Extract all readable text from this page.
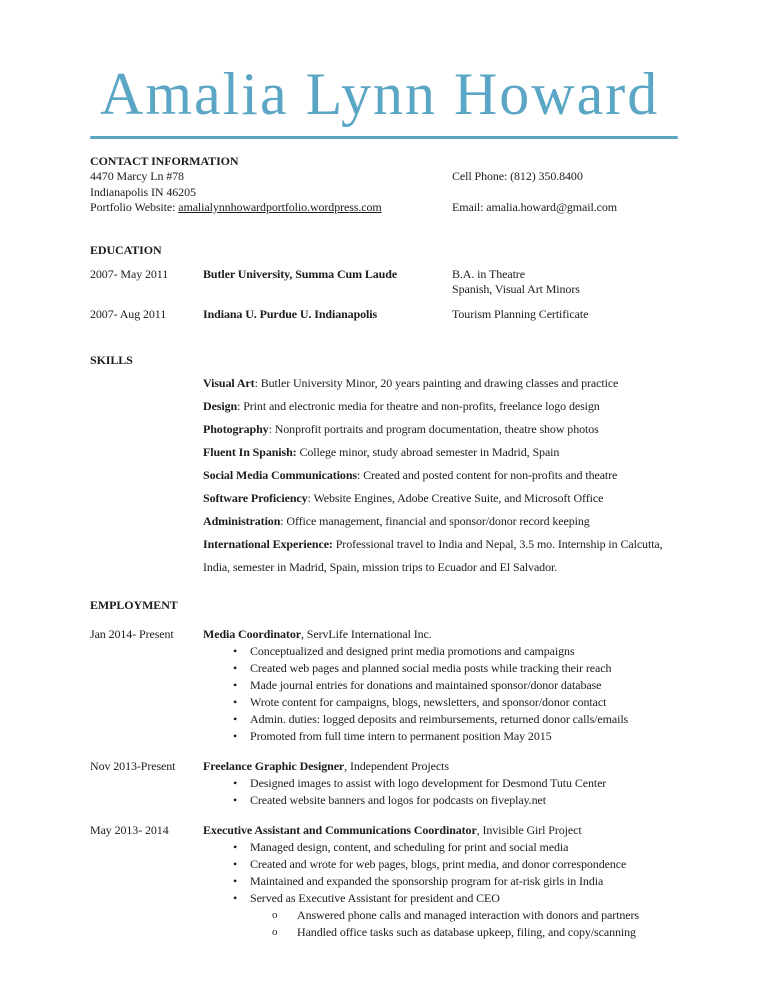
Amalia Lynn Howard
CONTACT INFORMATION
4470 Marcy Ln #78
Indianapolis IN 46205
Portfolio Website: amalialynnhowardportfolio.wordpress.com
Cell Phone: (812) 350.8400

Email: amalia.howard@gmail.com
EDUCATION
2007- May 2011	Butler University, Summa Cum Laude	B.A. in Theatre
Spanish, Visual Art Minors
2007- Aug 2011	Indiana U. Purdue U. Indianapolis	Tourism Planning Certificate
SKILLS
Visual Art: Butler University Minor, 20 years painting and drawing classes and practice
Design: Print and electronic media for theatre and non-profits, freelance logo design
Photography: Nonprofit portraits and program documentation, theatre show photos
Fluent In Spanish: College minor, study abroad semester in Madrid, Spain
Social Media Communications: Created and posted content for non-profits and theatre
Software Proficiency: Website Engines, Adobe Creative Suite, and Microsoft Office
Administration: Office management, financial and sponsor/donor record keeping
International Experience: Professional travel to India and Nepal, 3.5 mo. Internship in Calcutta, India, semester in Madrid, Spain, mission trips to Ecuador and El Salvador.
EMPLOYMENT
Jan 2014- Present	Media Coordinator, ServLife International Inc.
• Conceptualized and designed print media promotions and campaigns
• Created web pages and planned social media posts while tracking their reach
• Made journal entries for donations and maintained sponsor/donor database
• Wrote content for campaigns, blogs, newsletters, and sponsor/donor contact
• Admin. duties: logged deposits and reimbursements, returned donor calls/emails
• Promoted from full time intern to permanent position May 2015
Nov 2013-Present	Freelance Graphic Designer, Independent Projects
• Designed images to assist with logo development for Desmond Tutu Center
• Created website banners and logos for podcasts on fiveplay.net
May 2013- 2014	Executive Assistant and Communications Coordinator, Invisible Girl Project
• Managed design, content, and scheduling for print and social media
• Created and wrote for web pages, blogs, print media, and donor correspondence
• Maintained and expanded the sponsorship program for at-risk girls in India
• Served as Executive Assistant for president and CEO
o Answered phone calls and managed interaction with donors and partners
o Handled office tasks such as database upkeep, filing, and copy/scanning
